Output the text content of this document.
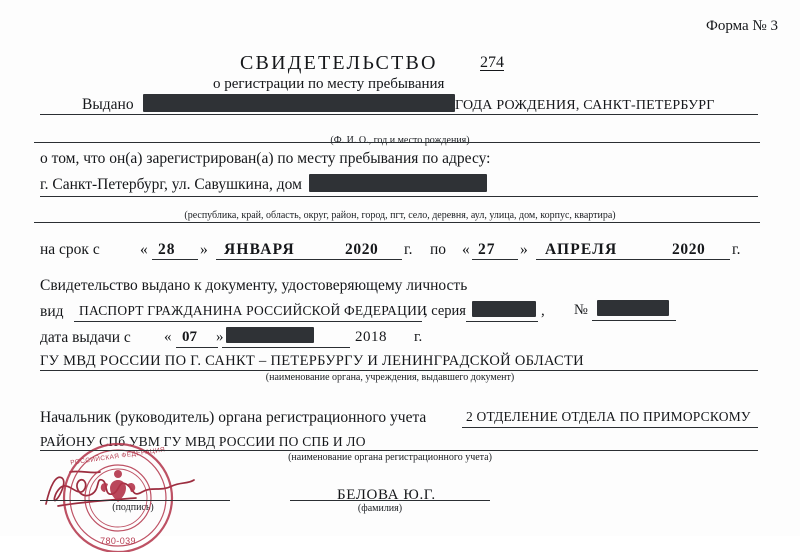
Форма № 3
СВИДЕТЕЛЬСТВО	274
о регистрации по месту пребывания
Выдано	ГОДА РОЖДЕНИЯ, САНКТ-ПЕТЕРБУРГ
(Ф. И. О., год и место рождения)
о том, что он(а) зарегистрирован(а) по месту пребывания по адресу:
г. Санкт-Петербург, ул. Савушкина, дом
(республика, край, область, округ, район, город, пгт, село, деревня, аул, улица, дом, корпус, квартира)
на срок с	« 28 » ЯНВАРЯ	2020 г. по « 27 » АПРЕЛЯ	2020 г.
Свидетельство выдано к документу, удостоверяющему личность
вид ПАСПОРТ ГРАЖДАНИНА РОССИЙСКОЙ ФЕДЕРАЦИИ
, серия	, №
дата выдачи с « 07 »	2018 г.
ГУ МВД РОССИИ ПО Г. САНКТ – ПЕТЕРБУРГУ И ЛЕНИНГРАДСКОЙ ОБЛАСТИ
(наименование органа, учреждения, выдавшего документ)
Начальник (руководитель) органа регистрационного учета	2 ОТДЕЛЕНИЕ ОТДЕЛА ПО ПРИМОРСКОМУ
РАЙОНУ СПб УВМ ГУ МВД РОССИИ ПО СПБ И ЛО
(наименование органа регистрационного учета)
(подпись)
БЕЛОВА Ю.Г.
(фамилия)
РОССИЙСКАЯ ФЕДЕРАЦИЯ
780-039
